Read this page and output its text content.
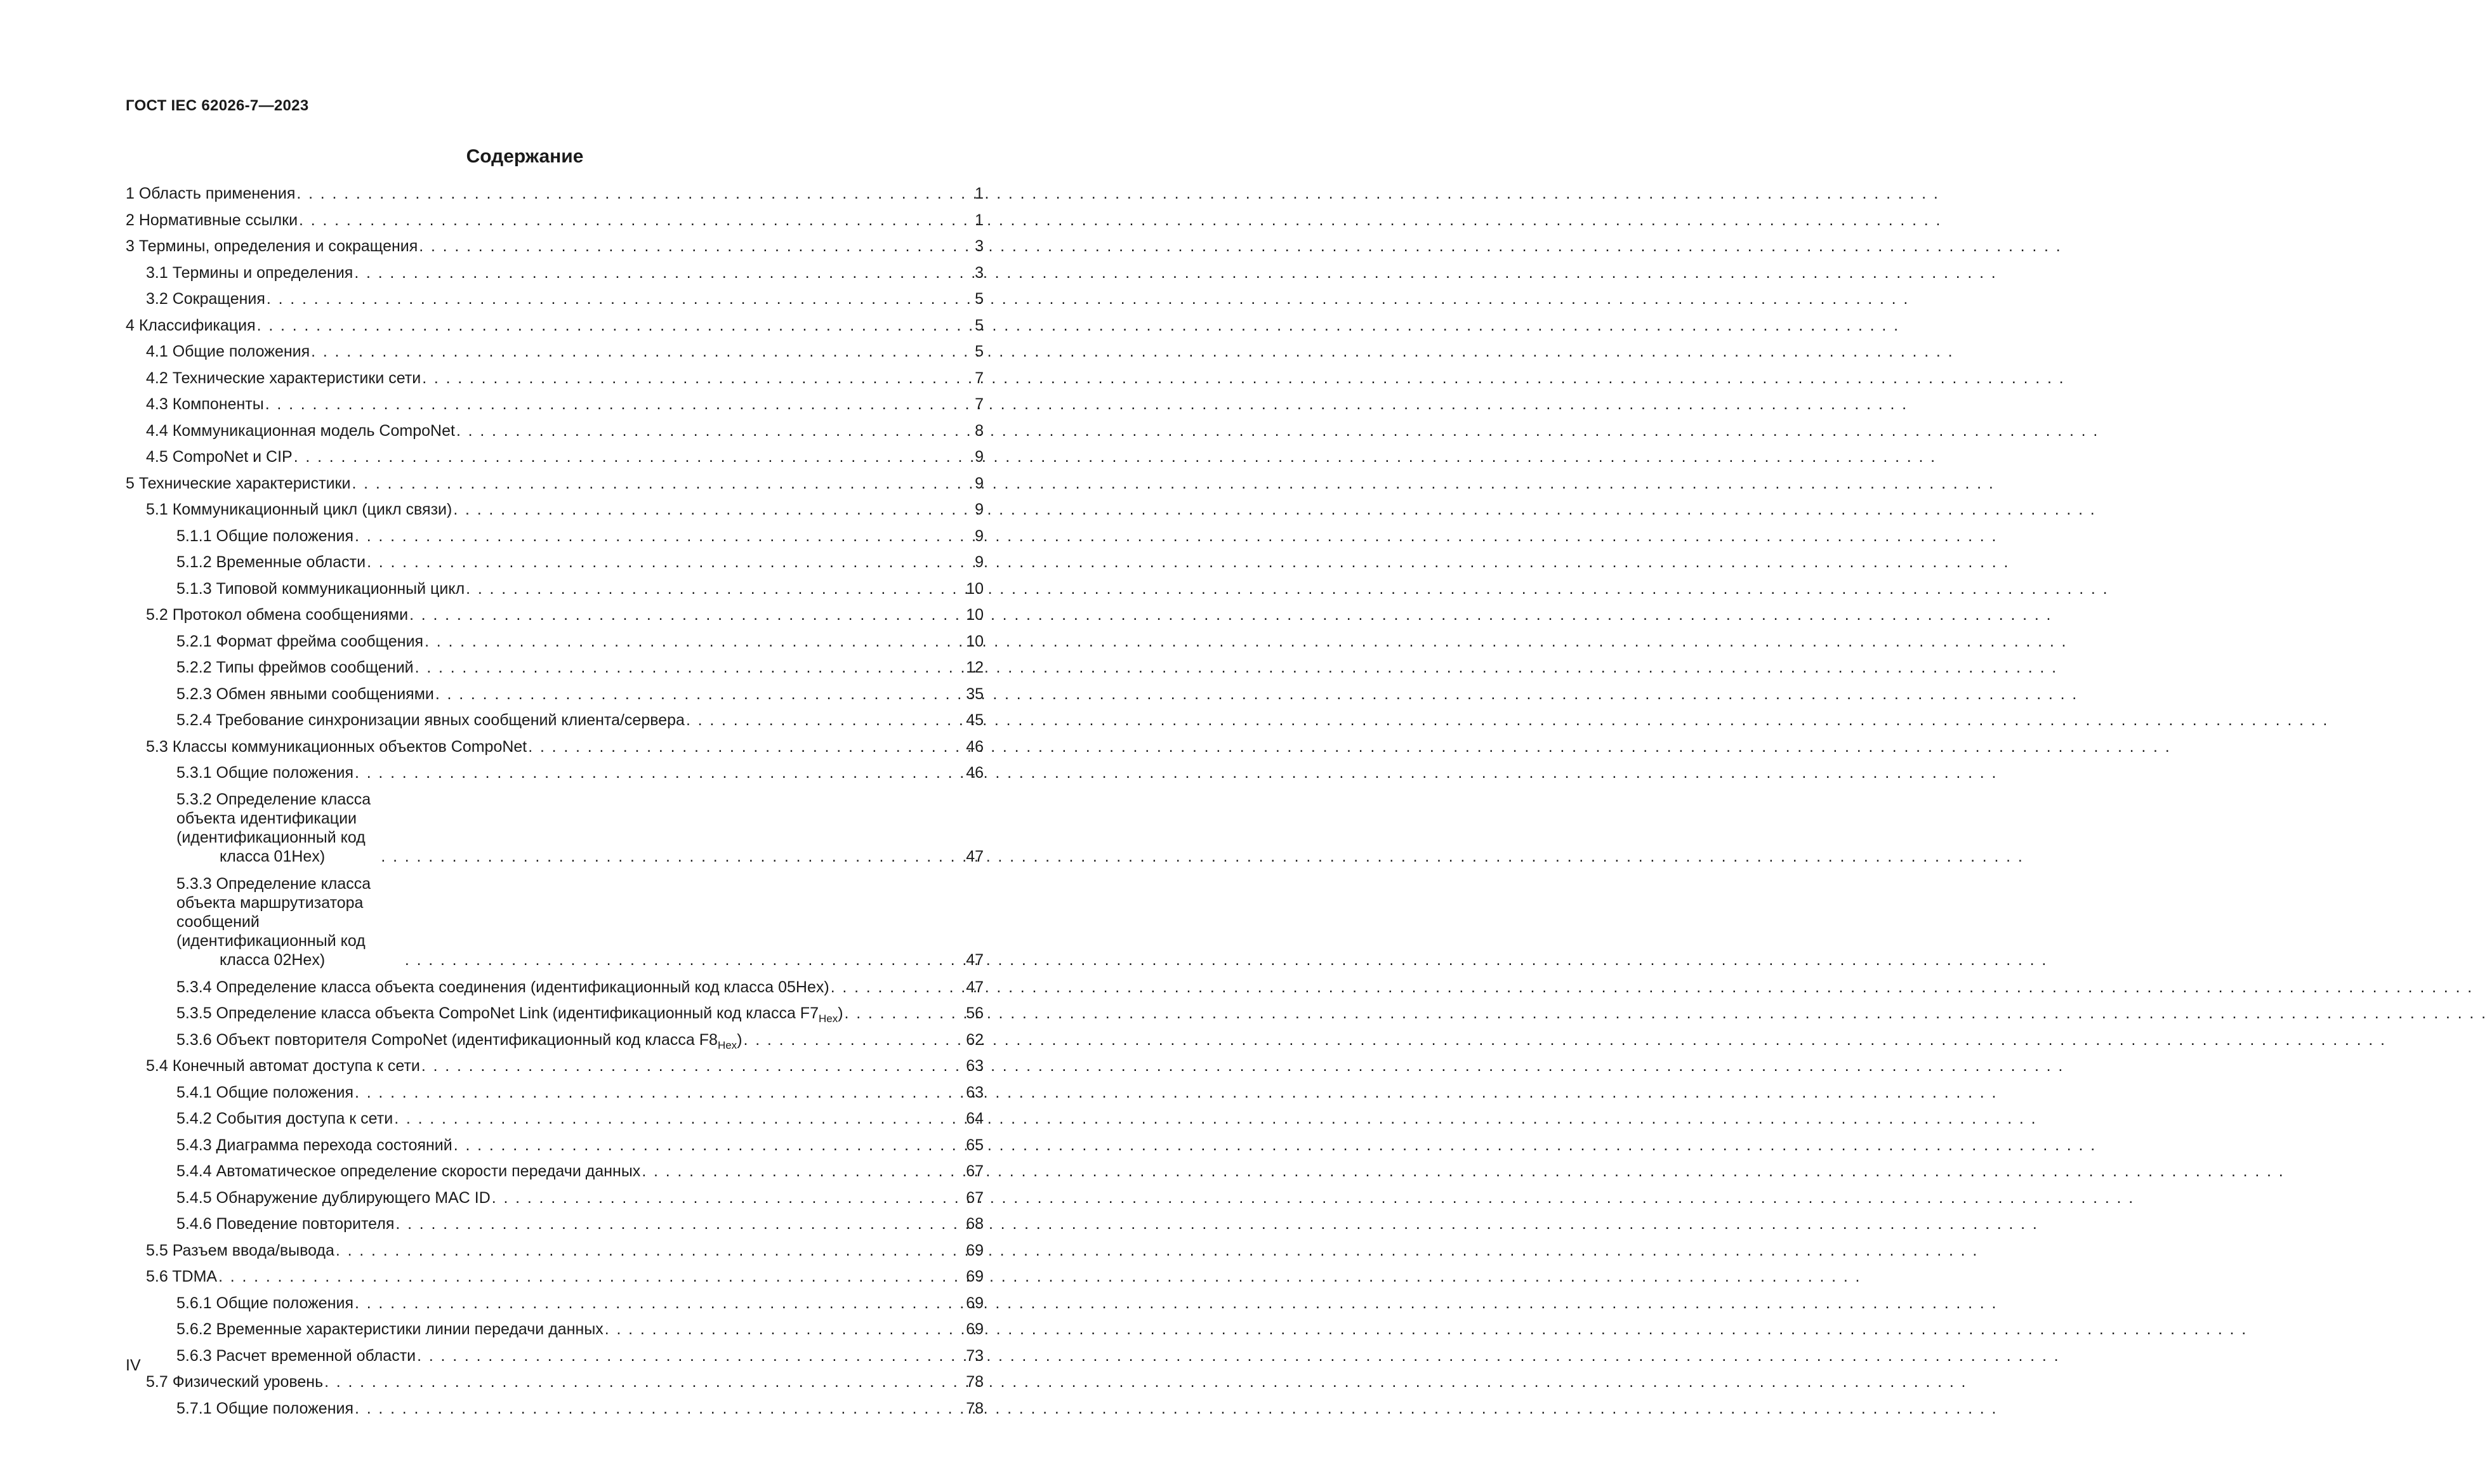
ГОСТ IEC 62026-7—2023
Содержание
1 Область применения . . .	1
2 Нормативные ссылки . . .	1
3 Термины, определения и сокращения . . .	3
3.1 Термины и определения . . .	3
3.2 Сокращения . . .	5
4 Классификация . . .	5
4.1 Общие положения . . .	5
4.2 Технические характеристики сети . . .	7
4.3 Компоненты . . .	7
4.4 Коммуникационная модель CompoNet . . .	8
4.5 CompoNet и CIP . . .	9
5 Технические характеристики . . .	9
5.1 Коммуникационный цикл (цикл связи) . . .	9
5.1.1 Общие положения . . .	9
5.1.2 Временные области . . .	9
5.1.3 Типовой коммуникационный цикл . . .	10
5.2 Протокол обмена сообщениями . . .	10
5.2.1 Формат фрейма сообщения . . .	10
5.2.2 Типы фреймов сообщений . . .	12
5.2.3 Обмен явными сообщениями . . .	35
5.2.4 Требование синхронизации явных сообщений клиента/сервера . . .	45
5.3 Классы коммуникационных объектов CompoNet . . .	46
5.3.1 Общие положения . . .	46
5.3.2 Определение класса объекта идентификации (идентификационный код
класса 01Hex) . . .	47
5.3.3 Определение класса объекта маршрутизатора сообщений (идентификационный код
класса 02Hex) . . .	47
5.3.4 Определение класса объекта соединения (идентификационный код класса 05Hex) . . .	47
5.3.5 Определение класса объекта CompoNet Link (идентификационный код класса $F7_{Hex}$) . . .	56
5.3.6 Объект повторителя CompoNet (идентификационный код класса $F8_{Hex}$) . . .	62
5.4 Конечный автомат доступа к сети . . .	63
5.4.1 Общие положения . . .	63
5.4.2 События доступа к сети . . .	64
5.4.3 Диаграмма перехода состояний . . .	65
5.4.4 Автоматическое определение скорости передачи данных . . .	67
5.4.5 Обнаружение дублирующего MAC ID . . .	67
5.4.6 Поведение повторителя . . .	68
5.5 Разъем ввода/вывода . . .	69
5.6 TDMA . . .	69
5.6.1 Общие положения . . .	69
5.6.2 Временные характеристики линии передачи данных . . .	69
5.6.3 Расчет временной области . . .	73
5.7 Физический уровень . . .	78
5.7.1 Общие положения . . .	78
IV
